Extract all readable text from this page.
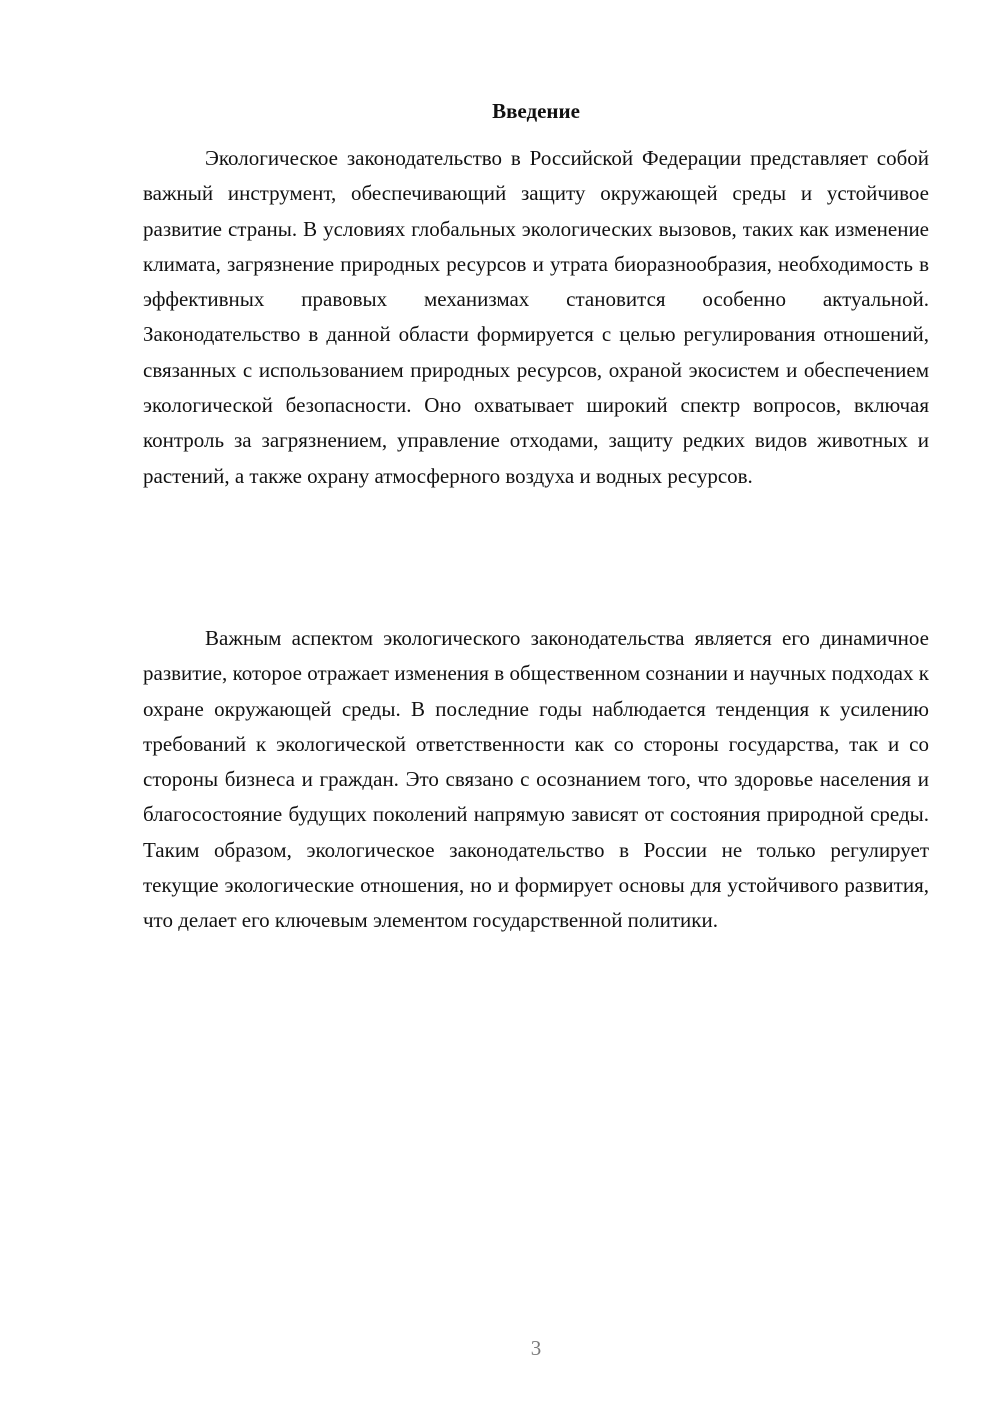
Введение

Экологическое законодательство в Российской Федерации представляет собой важный инструмент, обеспечивающий защиту окружающей среды и устойчивое развитие страны. В условиях глобальных экологических вызовов, таких как изменение климата, загрязнение природных ресурсов и утрата биоразнообразия, необходимость в эффективных правовых механизмах становится особенно актуальной. Законодательство в данной области формируется с целью регулирования отношений, связанных с использованием природных ресурсов, охраной экосистем и обеспечением экологической безопасности. Оно охватывает широкий спектр вопросов, включая контроль за загрязнением, управление отходами, защиту редких видов животных и растений, а также охрану атмосферного воздуха и водных ресурсов.

Важным аспектом экологического законодательства является его динамичное развитие, которое отражает изменения в общественном сознании и научных подходах к охране окружающей среды. В последние годы наблюдается тенденция к усилению требований к экологической ответственности как со стороны государства, так и со стороны бизнеса и граждан. Это связано с осознанием того, что здоровье населения и благосостояние будущих поколений напрямую зависят от состояния природной среды. Таким образом, экологическое законодательство в России не только регулирует текущие экологические отношения, но и формирует основы для устойчивого развития, что делает его ключевым элементом государственной политики.

3
